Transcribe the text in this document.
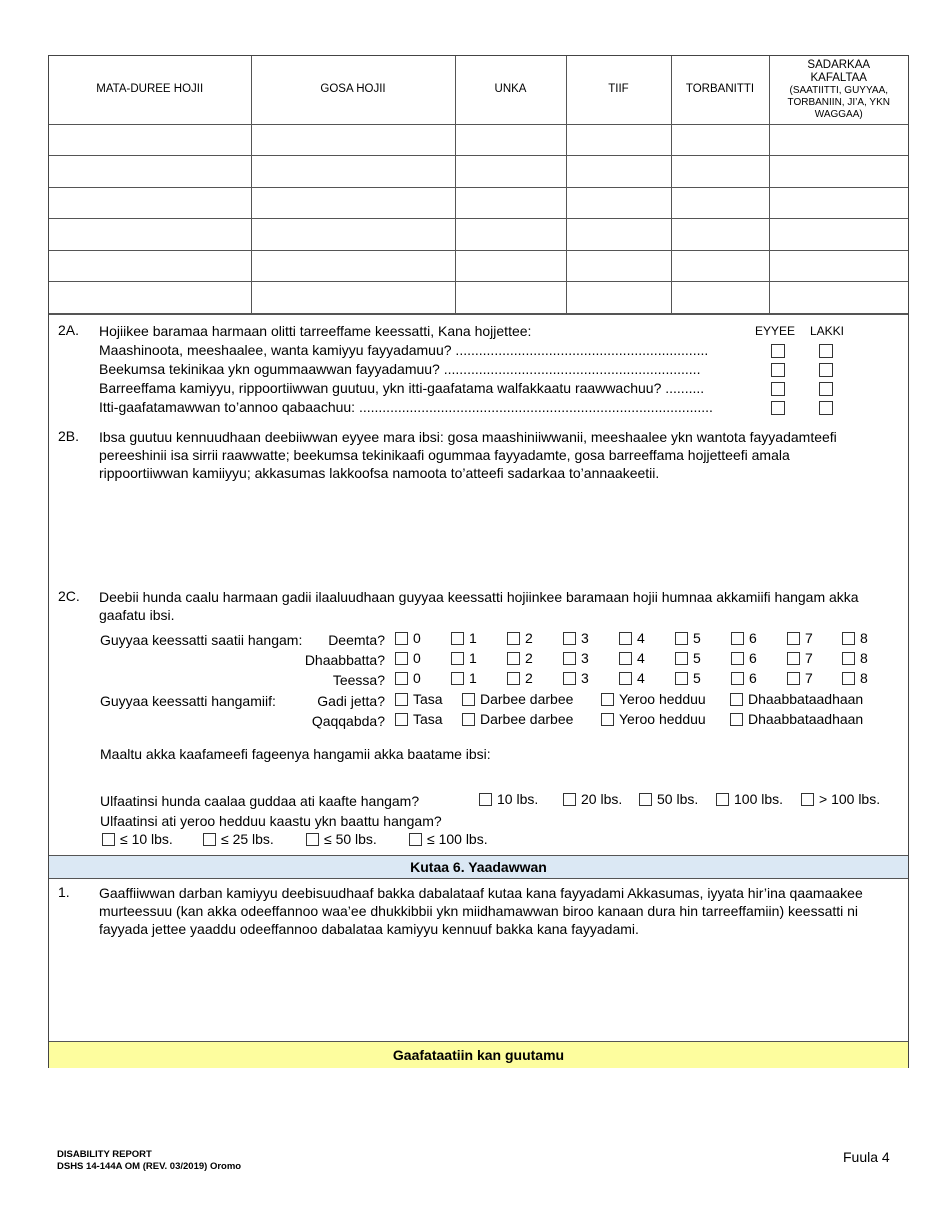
MATA-DUREE HOJII	GOSA HOJII	UNKA	TIIF	TORBANITTI	SADARKAA KAFALTAA
(SAATIITTI, GUYYAA, TORBANIIN, JI’A, YKN WAGGAA)

2A. Hojiikee baramaa harmaan olitti tarreeffame keessatti, Kana hojjettee:	EYYEE LAKKI
Maashinoota, meeshaalee, wanta kamiyyu fayyadamuu? .................................................................
Beekumsa tekinikaa ykn ogummaawwan fayyadamuu? ..................................................................
Barreeffama kamiyyu, rippoortiiwwan guutuu, ykn itti-gaafatama walfakkaatu raawwachuu? ..........
Itti-gaafatamawwan to’annoo qabaachuu: ...........................................................................................
2B. Ibsa guutuu kennuudhaan deebiiwwan eyyee mara ibsi: gosa maashiniiwwanii, meeshaalee ykn wantota fayyadamteefi pereeshinii isa sirrii raawwatte; beekumsa tekinikaafi ogummaa fayyadamte, gosa barreeffama hojjetteefi amala rippoortiiwwan kamiiyyu; akkasumas lakkoofsa namoota to’atteefi sadarkaa to’annaakeetii.
2C. Deebii hunda caalu harmaan gadii ilaaluudhaan guyyaa keessatti hojiinkee baramaan hojii humnaa akkamiifi hangam akka gaafatu ibsi.
Guyyaa keessatti saatii hangam: Deemta?	0	1	2	3	4	5	6	7	8
Dhaabbatta?	0	1	2	3	4	5	6	7	8
Teessa?	0	1	2	3	4	5	6	7	8
Guyyaa keessatti hangamiif:	Gadi jetta?	Tasa	Darbee darbee	Yeroo hedduu	Dhaabbataadhaan
Qaqqabda?	Tasa	Darbee darbee	Yeroo hedduu	Dhaabbataadhaan
Maaltu akka kaafameefi fageenya hangamii akka baatame ibsi:
Ulfaatinsi hunda caalaa guddaa ati kaafte hangam?	10 lbs.	20 lbs.	50 lbs.	100 lbs.	> 100 lbs.
Ulfaatinsi ati yeroo hedduu kaastu ykn baattu hangam?
≤ 10 lbs.	≤ 25 lbs.	≤ 50 lbs.	≤ 100 lbs.
Kutaa 6. Yaadawwan
1. Gaaffiiwwan darban kamiyyu deebisuudhaaf bakka dabalataaf kutaa kana fayyadami Akkasumas, iyyata hir’ina qaamaakee murteessuu (kan akka odeeffannoo waa’ee dhukkibbii ykn miidhamawwan biroo kanaan dura hin tarreeffamiin) keessatti ni fayyada jettee yaaddu odeeffannoo dabalataa kamiyyu kennuuf bakka kana fayyadami.
Gaafataatiin kan guutamu
DISABILITY REPORT
DSHS 14-144A OM (REV. 03/2019) Oromo
Fuula 4
